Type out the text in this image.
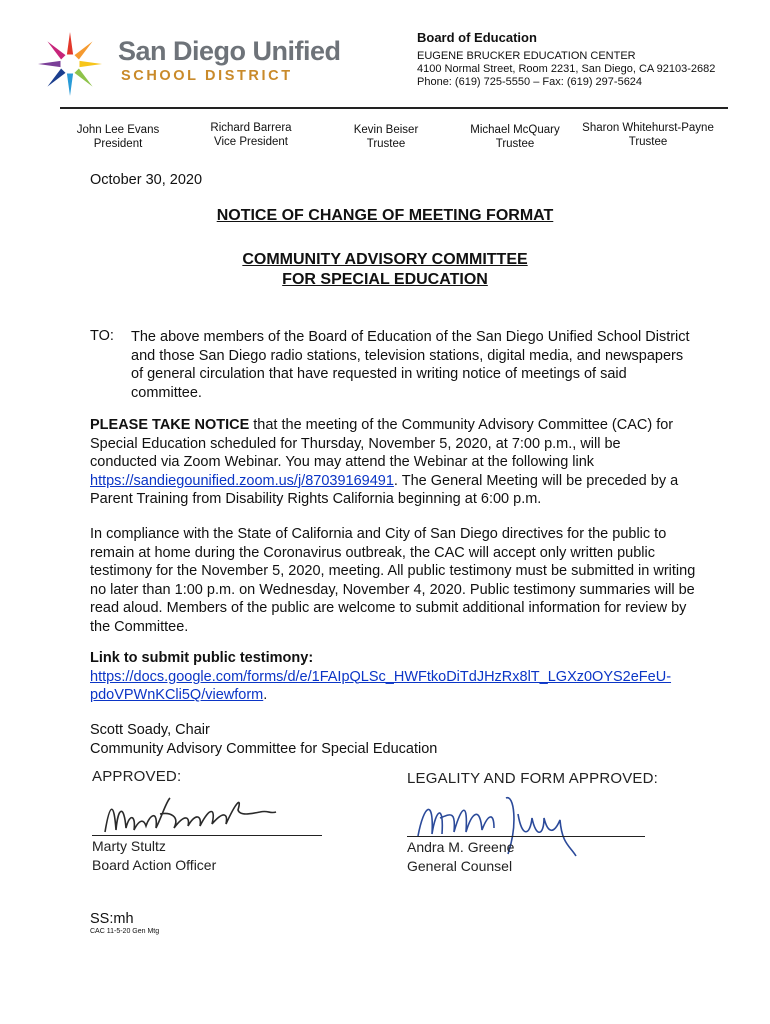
San Diego Unified
SCHOOL DISTRICT
Board of Education
EUGENE BRUCKER EDUCATION CENTER
4100 Normal Street, Room 2231, San Diego, CA 92103-2682
Phone: (619) 725-5550 – Fax: (619) 297-5624
John Lee Evans
President
Richard Barrera
Vice President
Kevin Beiser
Trustee
Michael McQuary
Trustee
Sharon Whitehurst-Payne
Trustee
October 30, 2020
NOTICE OF CHANGE OF MEETING FORMAT
COMMUNITY ADVISORY COMMITTEE
FOR SPECIAL EDUCATION
TO: The above members of the Board of Education of the San Diego Unified School District and those San Diego radio stations, television stations, digital media, and newspapers of general circulation that have requested in writing notice of meetings of said committee.
PLEASE TAKE NOTICE that the meeting of the Community Advisory Committee (CAC) for Special Education scheduled for Thursday, November 5, 2020, at 7:00 p.m., will be conducted via Zoom Webinar. You may attend the Webinar at the following link https://sandiegounified.zoom.us/j/87039169491. The General Meeting will be preceded by a Parent Training from Disability Rights California beginning at 6:00 p.m.
In compliance with the State of California and City of San Diego directives for the public to remain at home during the Coronavirus outbreak, the CAC will accept only written public testimony for the November 5, 2020, meeting. All public testimony must be submitted in writing no later than 1:00 p.m. on Wednesday, November 4, 2020. Public testimony summaries will be read aloud. Members of the public are welcome to submit additional information for review by the Committee.
Link to submit public testimony:
https://docs.google.com/forms/d/e/1FAIpQLSc_HWFtkoDiTdJHzRx8lT_LGXz0OYS2eFeU-
pdoVPWnKCli5Q/viewform.
Scott Soady, Chair
Community Advisory Committee for Special Education
APPROVED:
Marty Stultz
Board Action Officer
LEGALITY AND FORM APPROVED:
Andra M. Greene
General Counsel
SS:mh
CAC 11-5-20 Gen Mtg
